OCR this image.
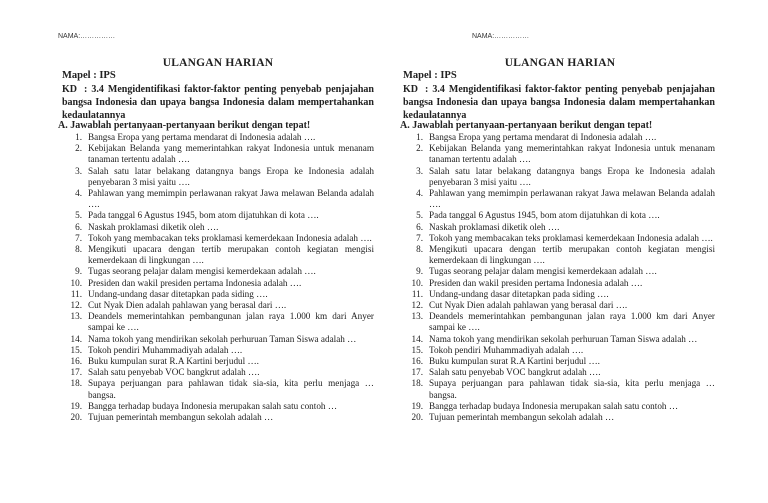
NAMA:……………
ULANGAN HARIAN
Mapel : IPS
KD : 3.4 Mengidentifikasi faktor-faktor penting penyebab penjajahan bangsa Indonesia dan upaya bangsa Indonesia dalam mempertahankan kedaulatannya
A. Jawablah pertanyaan-pertanyaan berikut dengan tepat!
1. Bangsa Eropa yang pertama mendarat di Indonesia adalah ….
2. Kebijakan Belanda yang memerintahkan rakyat Indonesia untuk menanam tanaman tertentu adalah ….
3. Salah satu latar belakang datangnya bangs Eropa ke Indonesia adalah penyebaran 3 misi yaitu ….
4. Pahlawan yang memimpin perlawanan rakyat Jawa melawan Belanda adalah ….
5. Pada tanggal 6 Agustus 1945, bom atom dijatuhkan di kota ….
6. Naskah proklamasi diketik oleh ….
7. Tokoh yang membacakan teks proklamasi kemerdekaan Indonesia adalah ….
8. Mengikuti upacara dengan tertib merupakan contoh kegiatan mengisi kemerdekaan di lingkungan ….
9. Tugas seorang pelajar dalam mengisi kemerdekaan adalah ….
10. Presiden dan wakil presiden pertama Indonesia adalah ….
11. Undang-undang dasar ditetapkan pada siding ….
12. Cut Nyak Dien adalah pahlawan yang berasal dari ….
13. Deandels memerintahkan pembangunan jalan raya 1.000 km dari Anyer sampai ke ….
14. Nama tokoh yang mendirikan sekolah perhuruan Taman Siswa adalah …
15. Tokoh pendiri Muhammadiyah adalah ….
16. Buku kumpulan surat R.A Kartini berjudul ….
17. Salah satu penyebab VOC bangkrut adalah ….
18. Supaya perjuangan para pahlawan tidak sia-sia, kita perlu menjaga … bangsa.
19. Bangga terhadap budaya Indonesia merupakan salah satu contoh …
20. Tujuan pemerintah membangun sekolah adalah …
NAMA:……………
ULANGAN HARIAN
Mapel : IPS
KD : 3.4 Mengidentifikasi faktor-faktor penting penyebab penjajahan bangsa Indonesia dan upaya bangsa Indonesia dalam mempertahankan kedaulatannya
A. Jawablah pertanyaan-pertanyaan berikut dengan tepat!
1. Bangsa Eropa yang pertama mendarat di Indonesia adalah ….
2. Kebijakan Belanda yang memerintahkan rakyat Indonesia untuk menanam tanaman tertentu adalah ….
3. Salah satu latar belakang datangnya bangs Eropa ke Indonesia adalah penyebaran 3 misi yaitu ….
4. Pahlawan yang memimpin perlawanan rakyat Jawa melawan Belanda adalah ….
5. Pada tanggal 6 Agustus 1945, bom atom dijatuhkan di kota ….
6. Naskah proklamasi diketik oleh ….
7. Tokoh yang membacakan teks proklamasi kemerdekaan Indonesia adalah ….
8. Mengikuti upacara dengan tertib merupakan contoh kegiatan mengisi kemerdekaan di lingkungan ….
9. Tugas seorang pelajar dalam mengisi kemerdekaan adalah ….
10. Presiden dan wakil presiden pertama Indonesia adalah ….
11. Undang-undang dasar ditetapkan pada siding ….
12. Cut Nyak Dien adalah pahlawan yang berasal dari ….
13. Deandels memerintahkan pembangunan jalan raya 1.000 km dari Anyer sampai ke ….
14. Nama tokoh yang mendirikan sekolah perhuruan Taman Siswa adalah …
15. Tokoh pendiri Muhammadiyah adalah ….
16. Buku kumpulan surat R.A Kartini berjudul ….
17. Salah satu penyebab VOC bangkrut adalah ….
18. Supaya perjuangan para pahlawan tidak sia-sia, kita perlu menjaga … bangsa.
19. Bangga terhadap budaya Indonesia merupakan salah satu contoh …
20. Tujuan pemerintah membangun sekolah adalah …
